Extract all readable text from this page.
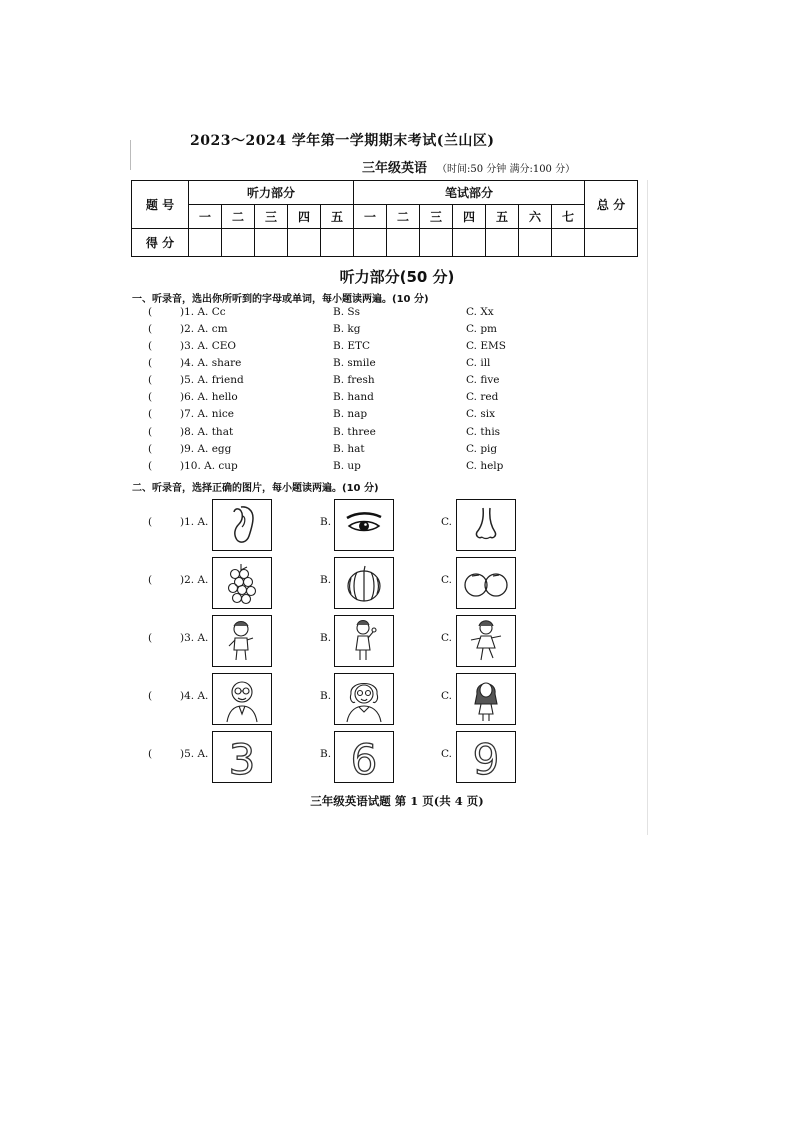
2023～2024 学年第一学期期末考试(兰山区)
三年级英语 （时间:50 分钟 满分:100 分）
题 号	听力部分					笔试部分							总 分
	一	二	三	四	五	一	二	三	四	五	六	七	
得 分													
听力部分(50 分)
一、听录音，选出你所听到的字母或单词，每小题读两遍。(10 分)
(	)1. A. Cc	B. Ss	C. Xx
(	)2. A. cm	B. kg	C. pm
(	)3. A. CEO	B. ETC	C. EMS
(	)4. A. share	B. smile	C. ill
(	)5. A. friend	B. fresh	C. five
(	)6. A. hello	B. hand	C. red
(	)7. A. nice	B. nap	C. six
(	)8. A. that	B. three	C. this
(	)9. A. egg	B. hat	C. pig
(	)10. A. cup	B. up	C. help
二、听录音，选择正确的图片，每小题读两遍。(10 分)
(	)1. A.	B.	C.
(	)2. A.	B.	C.
(	)3. A.	B.	C.
(	)4. A.	B.	C.
(	)5. A. 3	B. 6	C. 9
三年级英语试题 第 1 页(共 4 页)
